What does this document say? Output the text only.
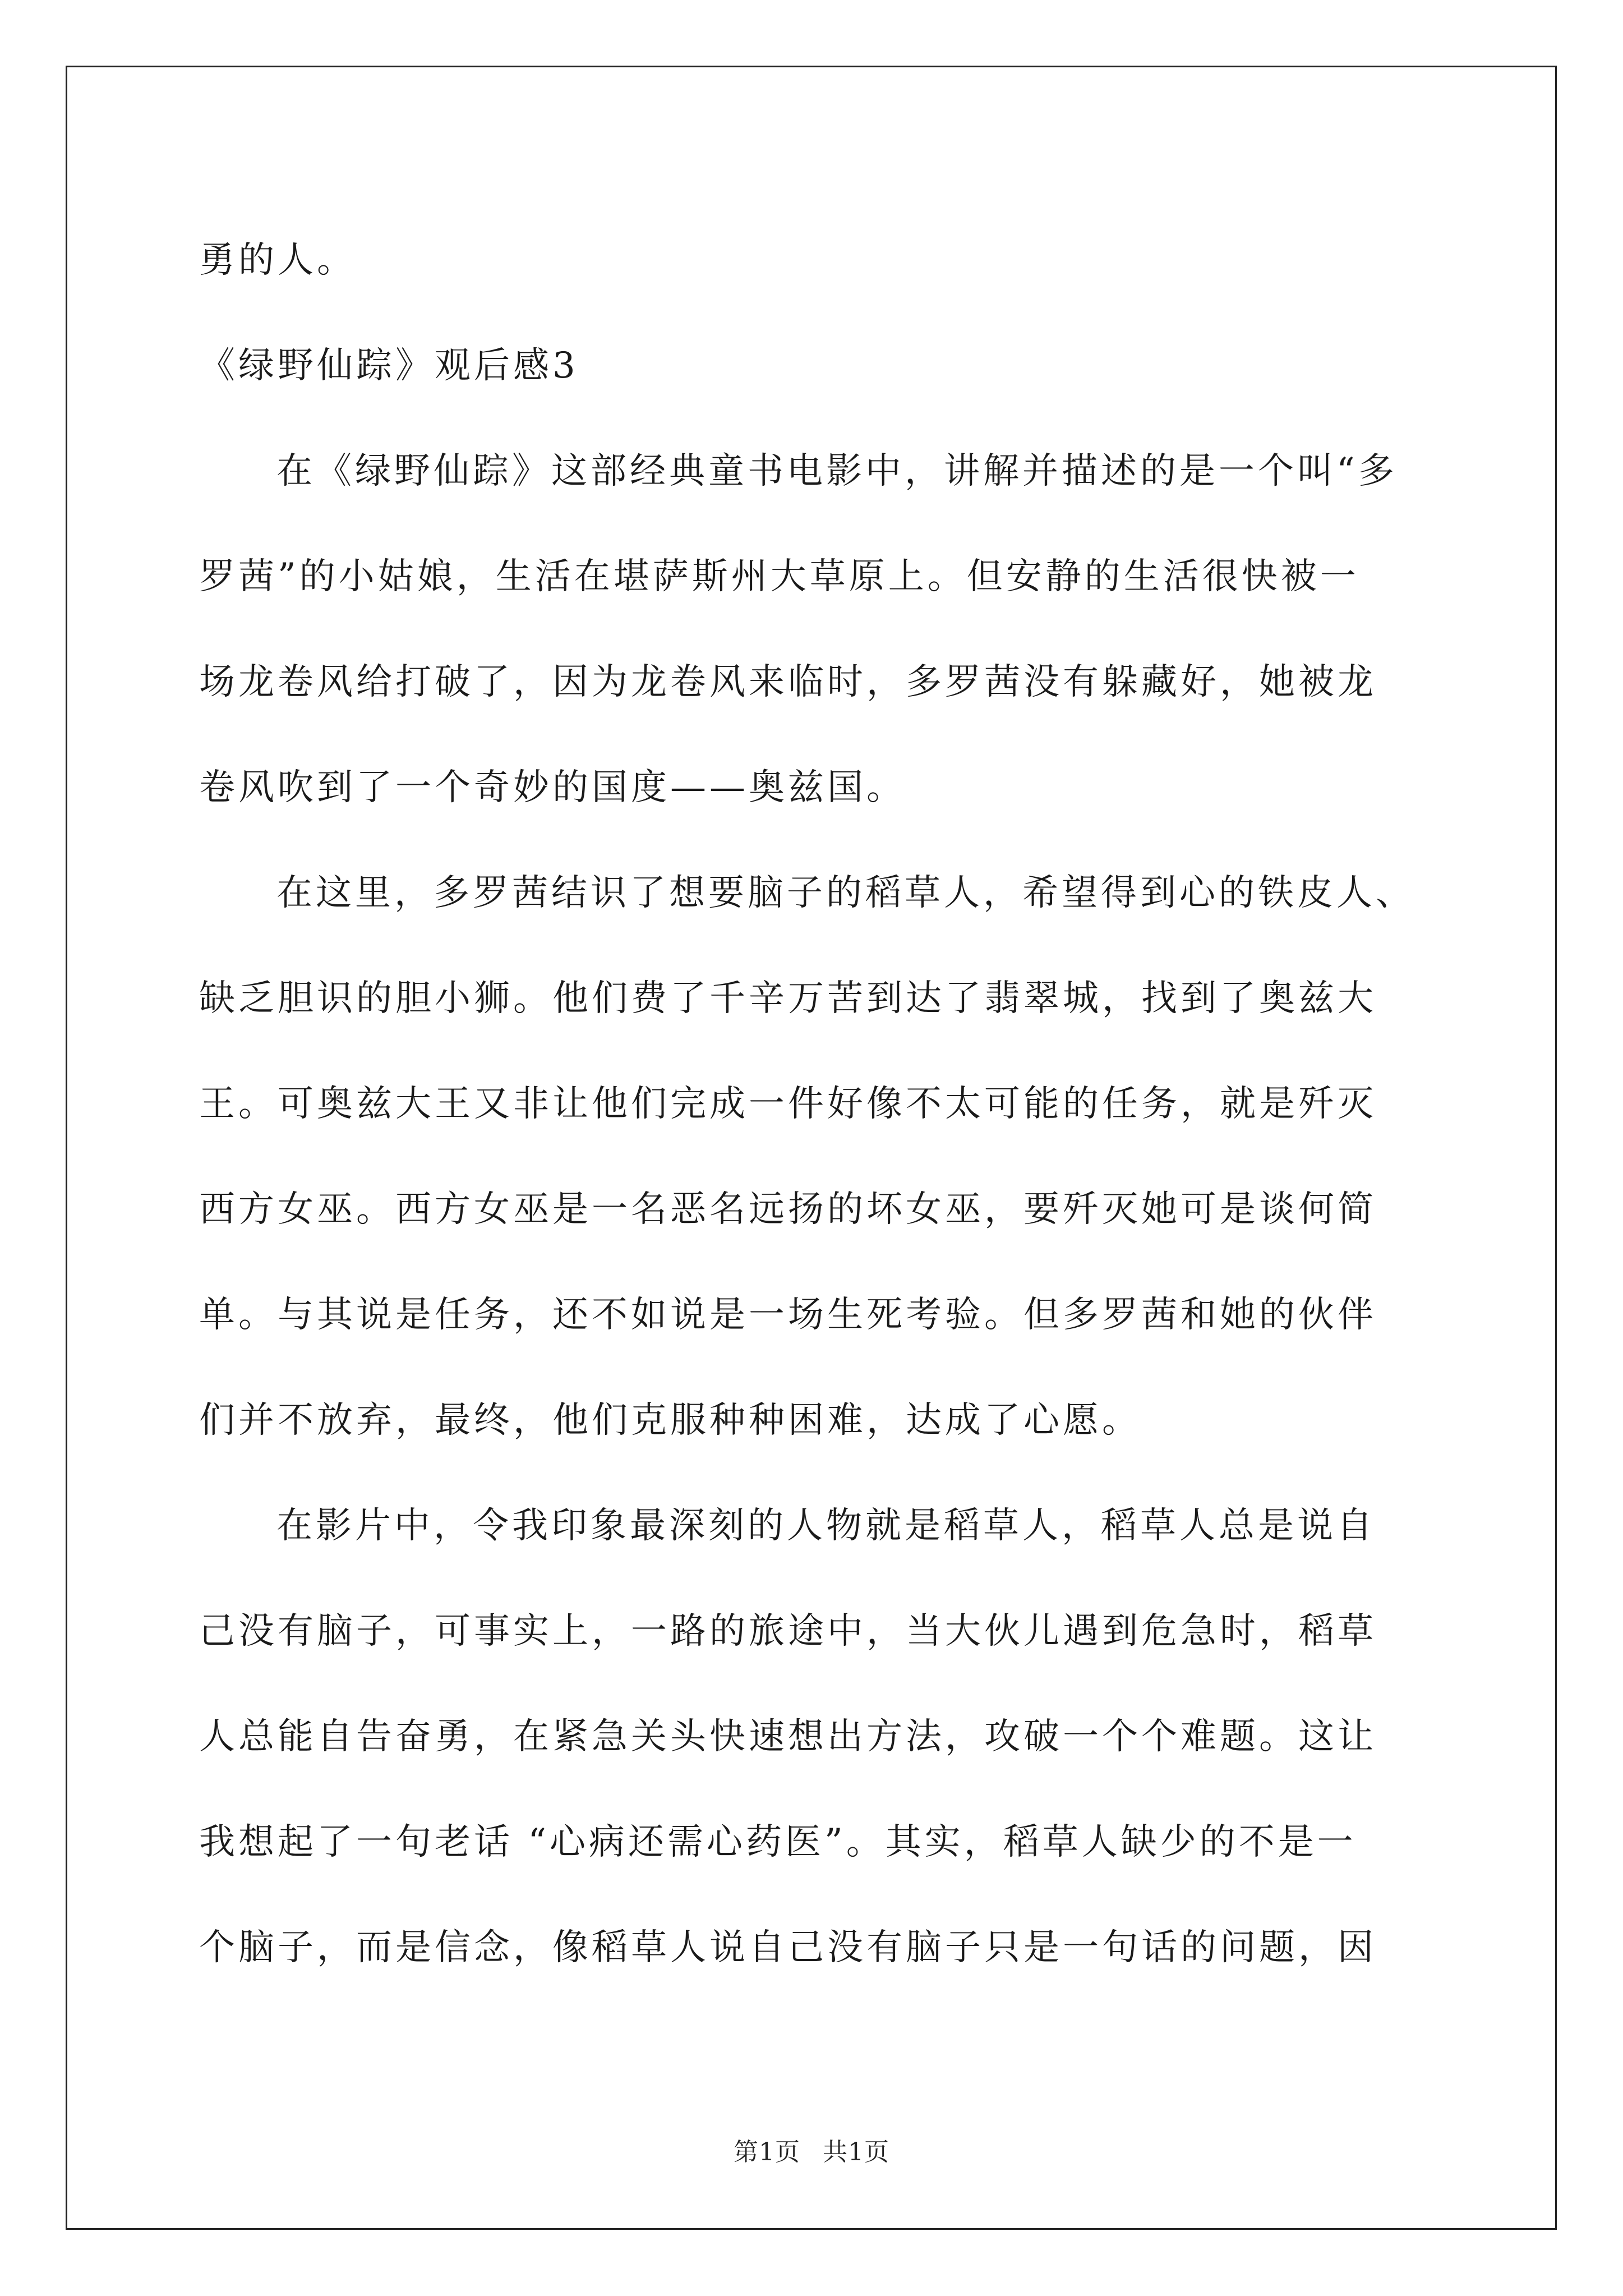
勇的人。
《绿野仙踪》观后感3
在《绿野仙踪》这部经典童书电影中，讲解并描述的是一个叫“多
罗茜”的小姑娘，生活在堪萨斯州大草原上。但安静的生活很快被一
场龙卷风给打破了，因为龙卷风来临时，多罗茜没有躲藏好，她被龙
卷风吹到了一个奇妙的国度——奥兹国。
在这里，多罗茜结识了想要脑子的稻草人，希望得到心的铁皮人、
缺乏胆识的胆小狮。他们费了千辛万苦到达了翡翠城，找到了奥兹大
王。可奥兹大王又非让他们完成一件好像不太可能的任务，就是歼灭
西方女巫。西方女巫是一名恶名远扬的坏女巫，要歼灭她可是谈何简
单。与其说是任务，还不如说是一场生死考验。但多罗茜和她的伙伴
们并不放弃，最终，他们克服种种困难，达成了心愿。
在影片中，令我印象最深刻的人物就是稻草人，稻草人总是说自
己没有脑子，可事实上，一路的旅途中，当大伙儿遇到危急时，稻草
人总能自告奋勇，在紧急关头快速想出方法，攻破一个个难题。这让
我想起了一句老话 “心病还需心药医”。其实，稻草人缺少的不是一
个脑子，而是信念，像稻草人说自己没有脑子只是一句话的问题，因
第1页 共1页
